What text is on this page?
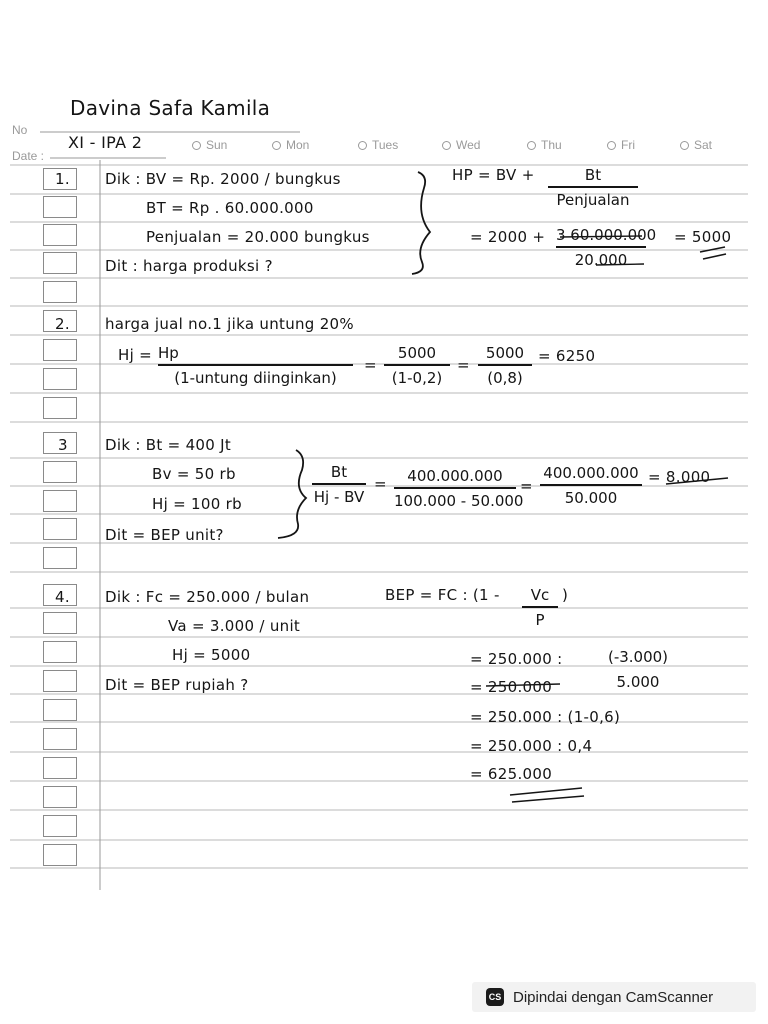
Davina Safa Kamila
No
Date :
XI - IPA 2	Sun	Mon	Tues	Wed	Thu	Fri	Sat
1. Dik : BV = Rp. 2000 / bungkus
BT = Rp . 60.000.000
Penjualan = 20.000 bungkus
Dit : harga produksi ?
HP = BV +	Bt
Penjualan
= 2000 + 3 60.000.000
20.000
= 5000
2. harga jual no.1 jika untung 20%
Hj = Hp
(1-untung diinginkan)
=
5000
(1-0,2)
=
5000
(0,8)
= 6250
3 Dik : Bt = 400 Jt
Bv = 50 rb
Hj = 100 rb
Dit = BEP unit?
Bt
Hj - BV
=	400.000.000
100.000 - 50.000
=
400.000.000
50.000
= 8.000
4. Dik : Fc = 250.000 / bulan
Va = 3.000 / unit
Hj = 5000
Dit = BEP rupiah ?
BEP = FC : (1 -	Vc
P
)
= 250.000 :	(-3.000)
5.000
= 250.000
= 250.000 : (1-0,6)
= 250.000 : 0,4
= 625.000
CS Dipindai dengan CamScanner
